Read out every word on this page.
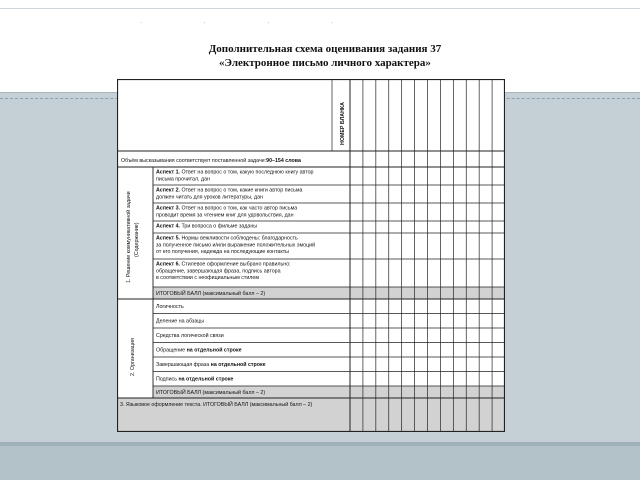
· · · ·
Дополнительная схема оценивания задания 37
«Электронное письмо личного характера»
НОМЕР БЛАНКА
Объём высказывания соответствует поставленной задаче:90–154 слова
1. Решение коммуникативной задачи (Содержание)
Аспект 1. Ответ на вопрос о том, какую последнюю книгу автор
письма прочитал, дан
Аспект 2. Ответ на вопрос о том, какие книги автор письма
должен читать для уроков литературы, дан
Аспект 3. Ответ на вопрос о том, как часто автор письма
проводит время за чтением книг для удовольствия, дан
Аспект 4. Три вопроса о фильме заданы
Аспект 5. Нормы вежливости соблюдены: благодарность
за полученное письмо и/или выражение положительных эмоций
от его получения, надежда на последующие контакты
Аспект 6. Стилевое оформление выбрано правильно:
обращение, завершающая фраза, подпись автора
в соответствии с неофициальным стилем
ИТОГОВЫЙ БАЛЛ (максимальный балл – 2)
2. Организация
Логичность
Деление на абзацы
Средства логической связи
Обращение на отдельной строке
Завершающая фраза на отдельной строке
Подпись на отдельной строке
ИТОГОВЫЙ БАЛЛ (максимальный балл – 2)
3. Языковое оформление текста. ИТОГОВЫЙ БАЛЛ (максимальный балл – 2)
